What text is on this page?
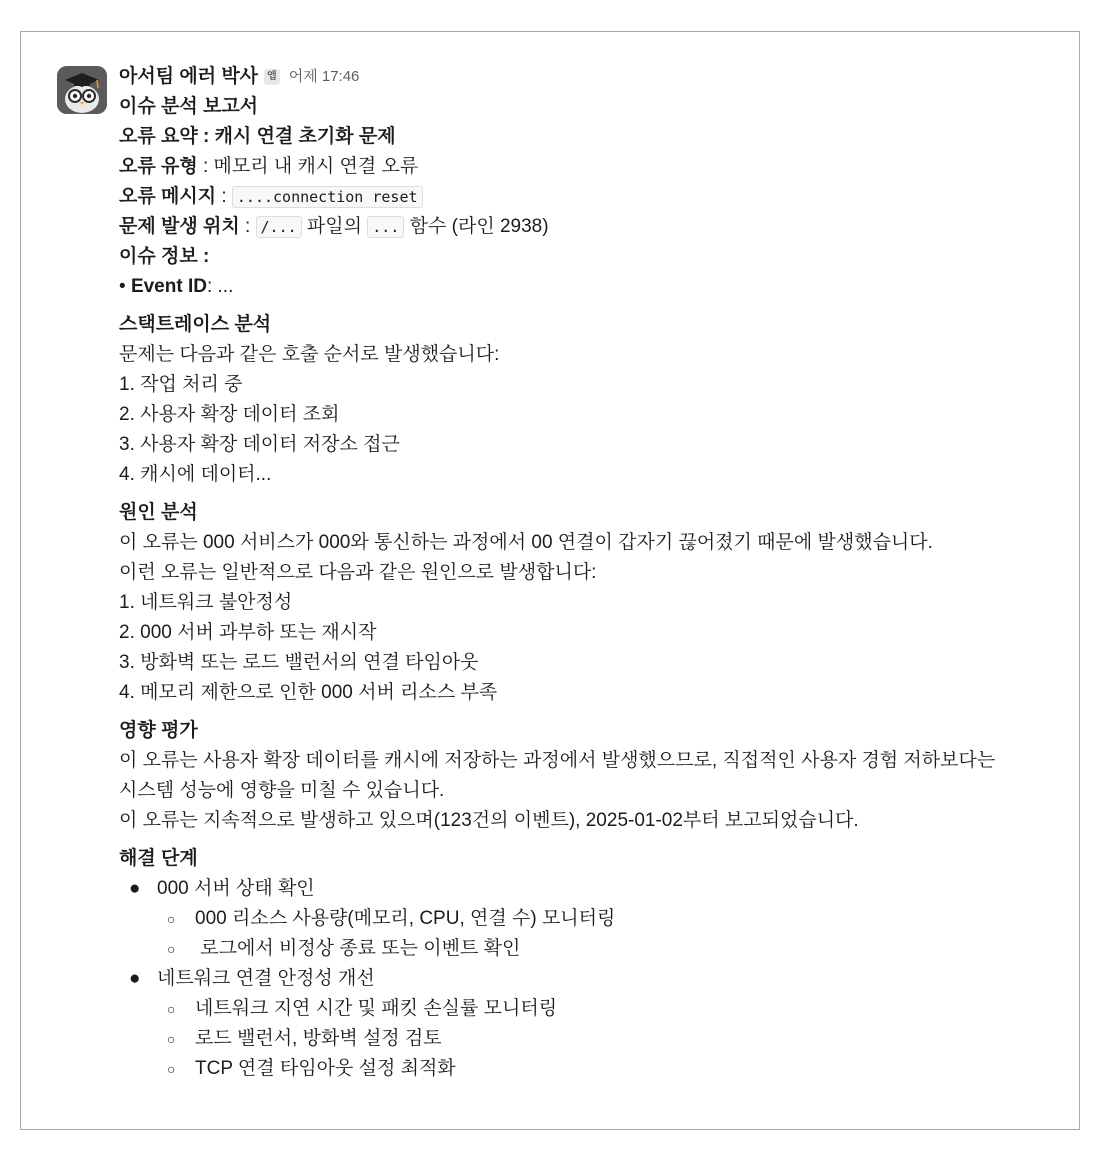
아서팀 에러 박사 앱 어제 17:46
이슈 분석 보고서
오류 요약 : 캐시 연결 초기화 문제
오류 유형 : 메모리 내 캐시 연결 오류
오류 메시지 : ....connection reset
문제 발생 위치 : /... 파일의 ... 함수 (라인 2938)
이슈 정보 :
• Event ID: ...
스택트레이스 분석
문제는 다음과 같은 호출 순서로 발생했습니다:
1. 작업 처리 중
2. 사용자 확장 데이터 조회
3. 사용자 확장 데이터 저장소 접근
4. 캐시에 데이터...
원인 분석
이 오류는 000 서비스가 000와 통신하는 과정에서 00 연결이 갑자기 끊어졌기 때문에 발생했습니다.
이런 오류는 일반적으로 다음과 같은 원인으로 발생합니다:
1. 네트워크 불안정성
2. 000 서버 과부하 또는 재시작
3. 방화벽 또는 로드 밸런서의 연결 타임아웃
4. 메모리 제한으로 인한 000 서버 리소스 부족
영향 평가
이 오류는 사용자 확장 데이터를 캐시에 저장하는 과정에서 발생했으므로, 직접적인 사용자 경험 저하보다는
시스템 성능에 영향을 미칠 수 있습니다.
이 오류는 지속적으로 발생하고 있으며(123건의 이벤트), 2025-01-02부터 보고되었습니다.
해결 단계
● 000 서버 상태 확인
○ 000 리소스 사용량(메모리, CPU, 연결 수) 모니터링
○ 로그에서 비정상 종료 또는 이벤트 확인
● 네트워크 연결 안정성 개선
○ 네트워크 지연 시간 및 패킷 손실률 모니터링
○ 로드 밸런서, 방화벽 설정 검토
○ TCP 연결 타임아웃 설정 최적화
